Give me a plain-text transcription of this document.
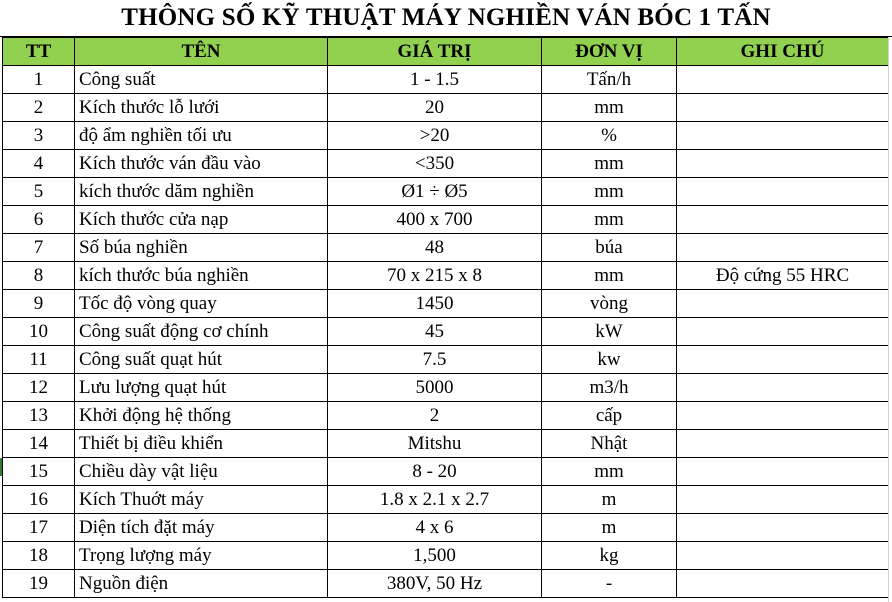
THÔNG SỐ KỸ THUẬT MÁY NGHIỀN VÁN BÓC 1 TẤN
TT	TÊN	GIÁ TRỊ	ĐƠN VỊ	GHI CHÚ
1	Công suất	1 - 1.5	Tấn/h	
2	Kích thước lỗ lưới	20	mm	
3	độ ẩm nghiền tối ưu	>20	%	
4	Kích thước ván đầu vào	<350	mm	
5	kích thước dăm nghiền	Ø1 ÷ Ø5	mm	
6	Kích thước cửa nạp	400 x 700	mm	
7	Số búa nghiền	48	búa	
8	kích thước búa nghiền	70 x 215 x 8	mm	Độ cứng 55 HRC
9	Tốc độ vòng quay	1450	vòng	
10	Công suất động cơ chính	45	kW	
11	Công suất quạt hút	7.5	kw	
12	Lưu lượng quạt hút	5000	m3/h	
13	Khởi động hệ thống	2	cấp	
14	Thiết bị điều khiển	Mitshu	Nhật	
15	Chiều dày vật liệu	8 - 20	mm	
16	Kích Thuớt máy	1.8 x 2.1 x 2.7	m	
17	Diện tích đặt máy	4 x 6	m	
18	Trọng lượng máy	1,500	kg	
19	Nguồn điện	380V, 50 Hz	-	
